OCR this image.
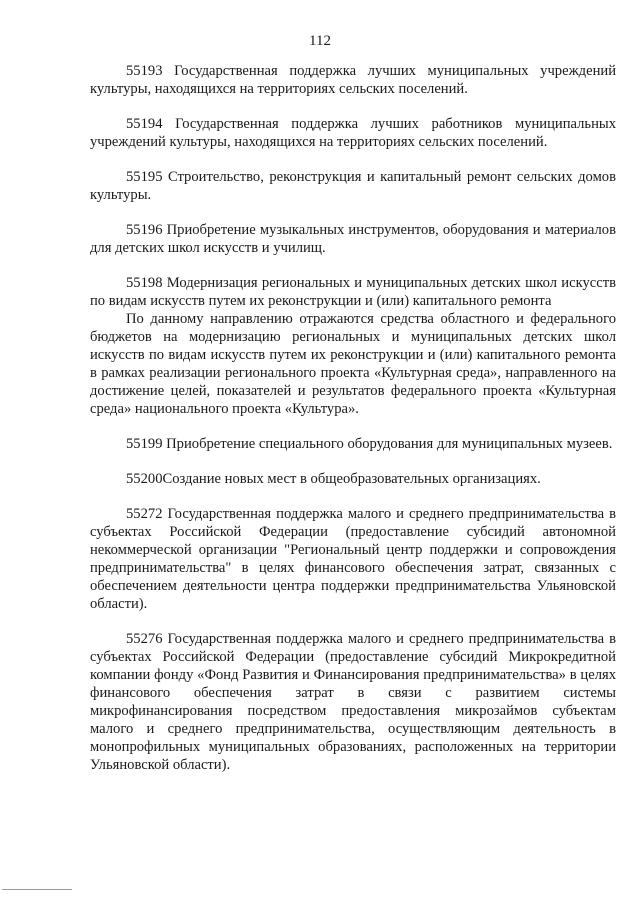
112

55193 Государственная поддержка лучших муниципальных учреждений культуры, находящихся на территориях сельских поселений.

55194 Государственная поддержка лучших работников муниципальных учреждений культуры, находящихся на территориях сельских поселений.

55195 Строительство, реконструкция и капитальный ремонт сельских домов культуры.

55196 Приобретение музыкальных инструментов, оборудования и материалов для детских школ искусств и училищ.

55198 Модернизация региональных и муниципальных детских школ искусств по видам искусств путем их реконструкции и (или) капитального ремонта

По данному направлению отражаются средства областного и федерального бюджетов на модернизацию региональных и муниципальных детских школ искусств по видам искусств путем их реконструкции и (или) капитального ремонта в рамках реализации регионального проекта «Культурная среда», направленного на достижение целей, показателей и результатов федерального проекта «Культурная среда» национального проекта «Культура».

55199 Приобретение специального оборудования для муниципальных музеев.

55200Создание новых мест в общеобразовательных организациях.

55272 Государственная поддержка малого и среднего предпринимательства в субъектах Российской Федерации (предоставление субсидий автономной некоммерческой организации "Региональный центр поддержки и сопровождения предпринимательства" в целях финансового обеспечения затрат, связанных с обеспечением деятельности центра поддержки предпринимательства Ульяновской области).

55276 Государственная поддержка малого и среднего предпринимательства в субъектах Российской Федерации (предоставление субсидий Микрокредитной компании фонду «Фонд Развития и Финансирования предпринимательства» в целях финансового обеспечения затрат в связи с развитием системы микрофинансирования посредством предоставления микрозаймов субъектам малого и среднего предпринимательства, осуществляющим деятельность в монопрофильных муниципальных образованиях, расположенных на территории Ульяновской области).
